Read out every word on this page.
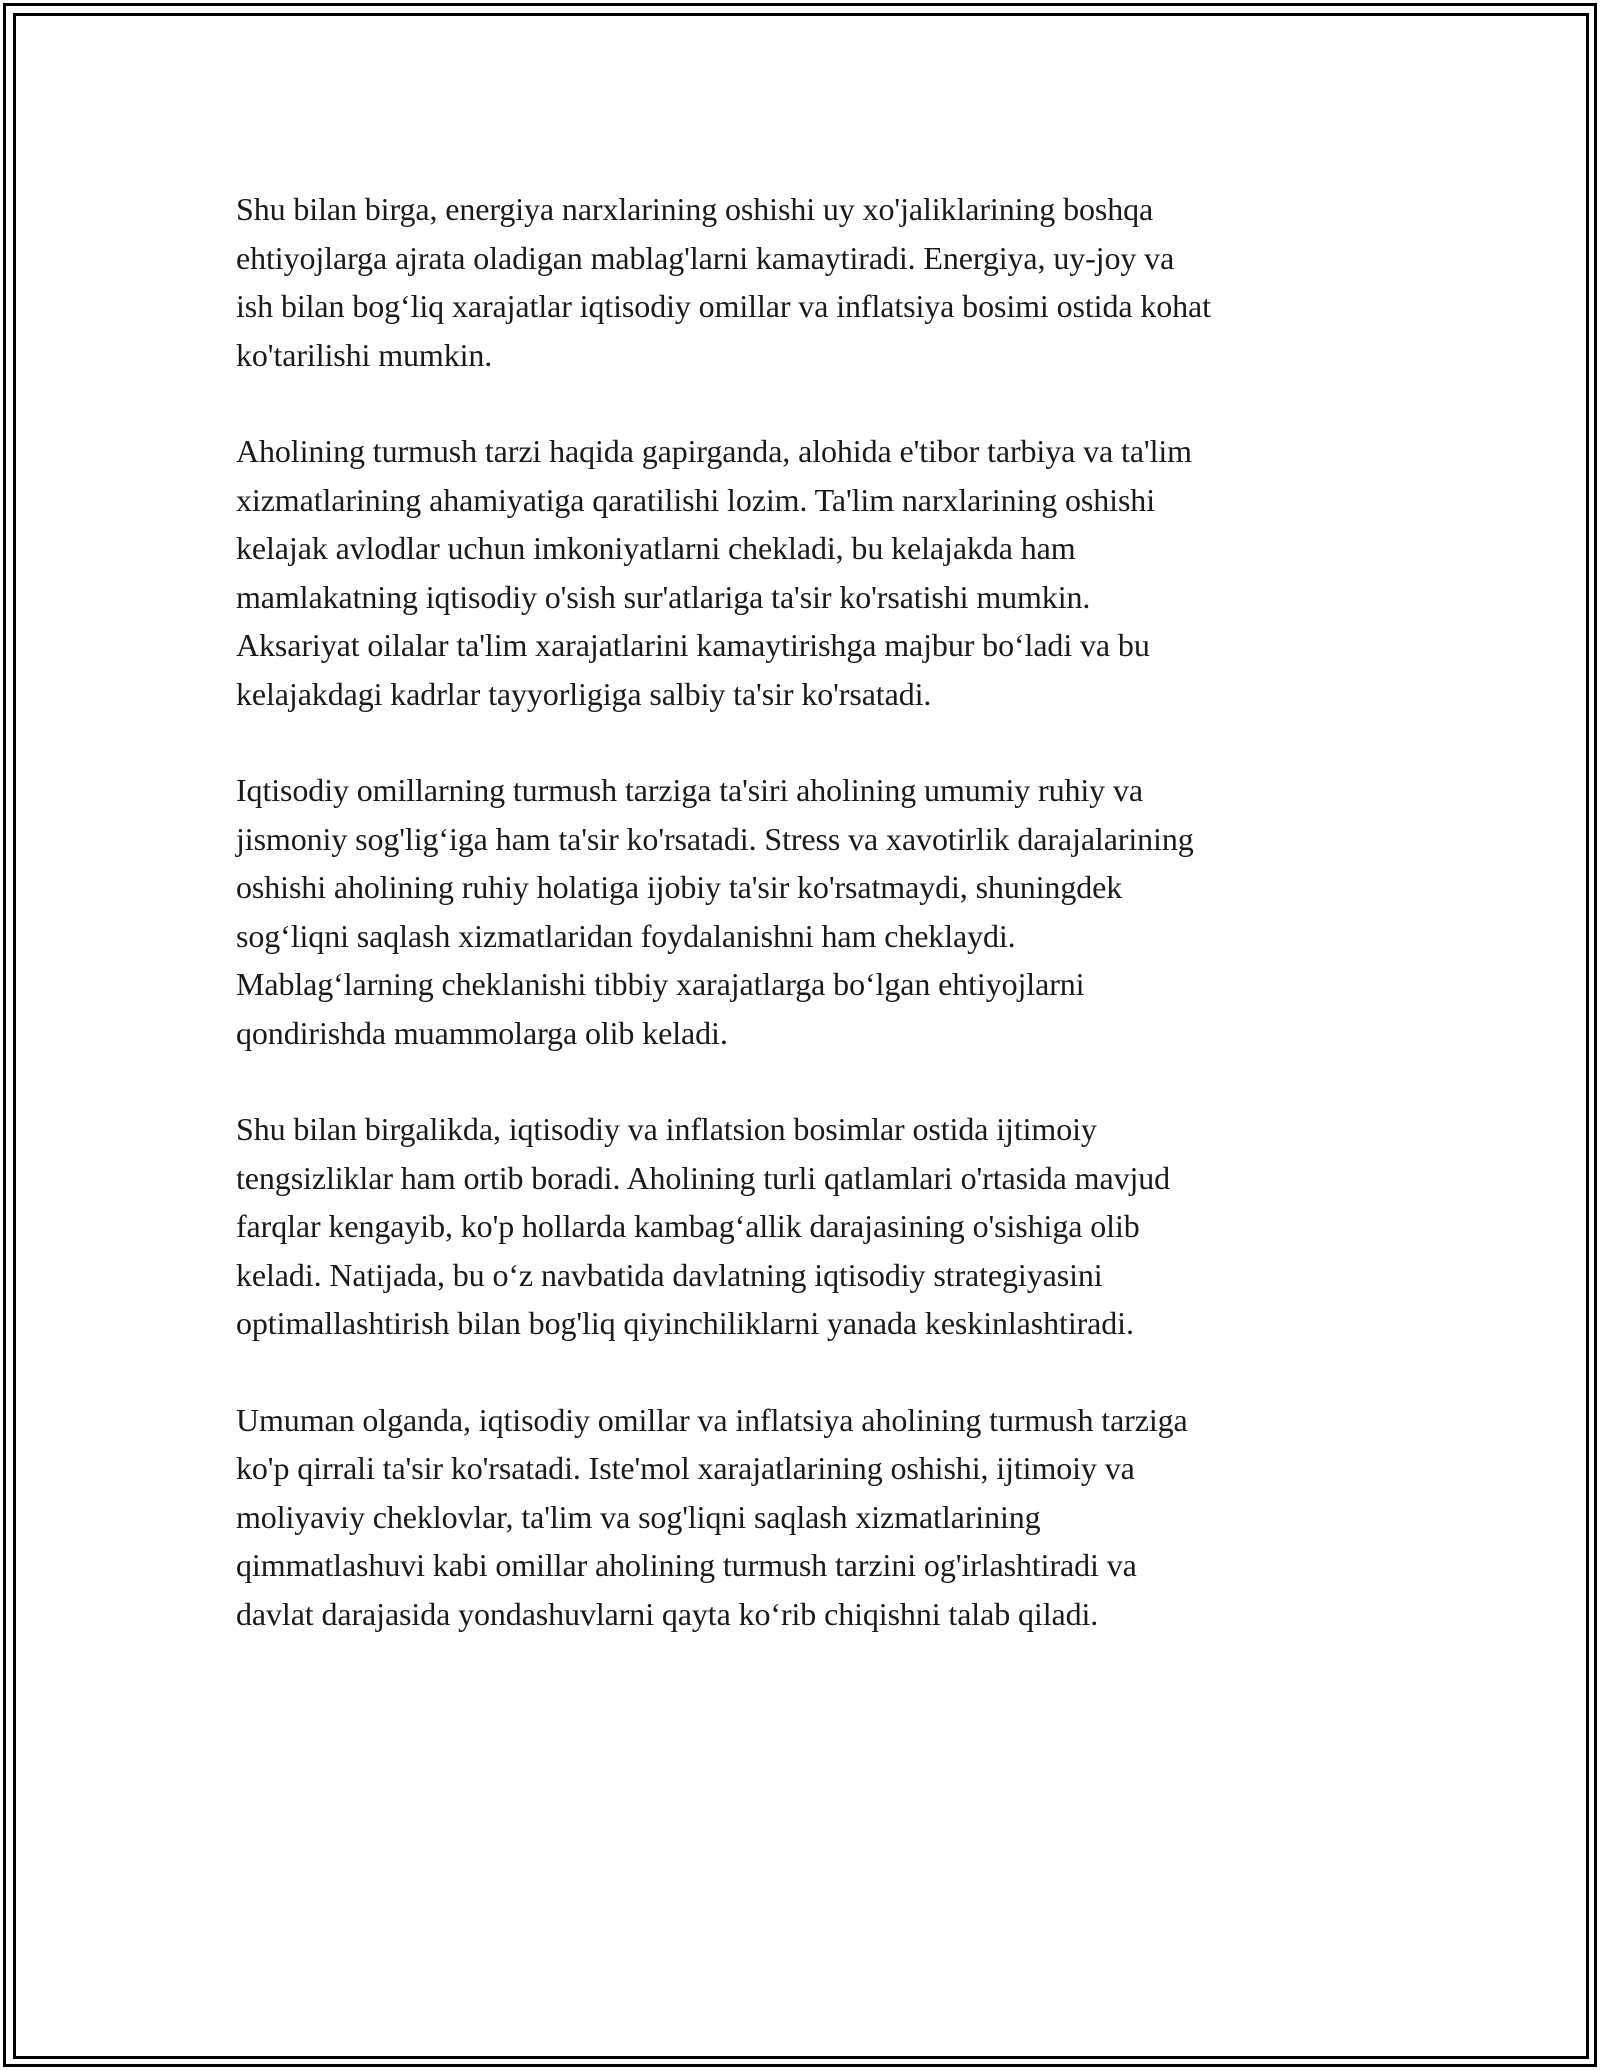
Shu bilan birga, energiya narxlarining oshishi uy xo'jaliklarining boshqa
ehtiyojlarga ajrata oladigan mablag'larni kamaytiradi. Energiya, uy-joy va
ish bilan bog‘liq xarajatlar iqtisodiy omillar va inflatsiya bosimi ostida kohat
ko'tarilishi mumkin.

Aholining turmush tarzi haqida gapirganda, alohida e'tibor tarbiya va ta'lim
xizmatlarining ahamiyatiga qaratilishi lozim. Ta'lim narxlarining oshishi
kelajak avlodlar uchun imkoniyatlarni chekladi, bu kelajakda ham
mamlakatning iqtisodiy o'sish sur'atlariga ta'sir ko'rsatishi mumkin.
Aksariyat oilalar ta'lim xarajatlarini kamaytirishga majbur bo‘ladi va bu
kelajakdagi kadrlar tayyorligiga salbiy ta'sir ko'rsatadi.

Iqtisodiy omillarning turmush tarziga ta'siri aholining umumiy ruhiy va
jismoniy sog'lig‘iga ham ta'sir ko'rsatadi. Stress va xavotirlik darajalarining
oshishi aholining ruhiy holatiga ijobiy ta'sir ko'rsatmaydi, shuningdek
sog‘liqni saqlash xizmatlaridan foydalanishni ham cheklaydi.
Mablag‘larning cheklanishi tibbiy xarajatlarga bo‘lgan ehtiyojlarni
qondirishda muammolarga olib keladi.

Shu bilan birgalikda, iqtisodiy va inflatsion bosimlar ostida ijtimoiy
tengsizliklar ham ortib boradi. Aholining turli qatlamlari o'rtasida mavjud
farqlar kengayib, ko'p hollarda kambag‘allik darajasining o'sishiga olib
keladi. Natijada, bu o‘z navbatida davlatning iqtisodiy strategiyasini
optimallashtirish bilan bog'liq qiyinchiliklarni yanada keskinlashtiradi.

Umuman olganda, iqtisodiy omillar va inflatsiya aholining turmush tarziga
ko'p qirrali ta'sir ko'rsatadi. Iste'mol xarajatlarining oshishi, ijtimoiy va
moliyaviy cheklovlar, ta'lim va sog'liqni saqlash xizmatlarining
qimmatlashuvi kabi omillar aholining turmush tarzini og'irlashtiradi va
davlat darajasida yondashuvlarni qayta ko‘rib chiqishni talab qiladi.
